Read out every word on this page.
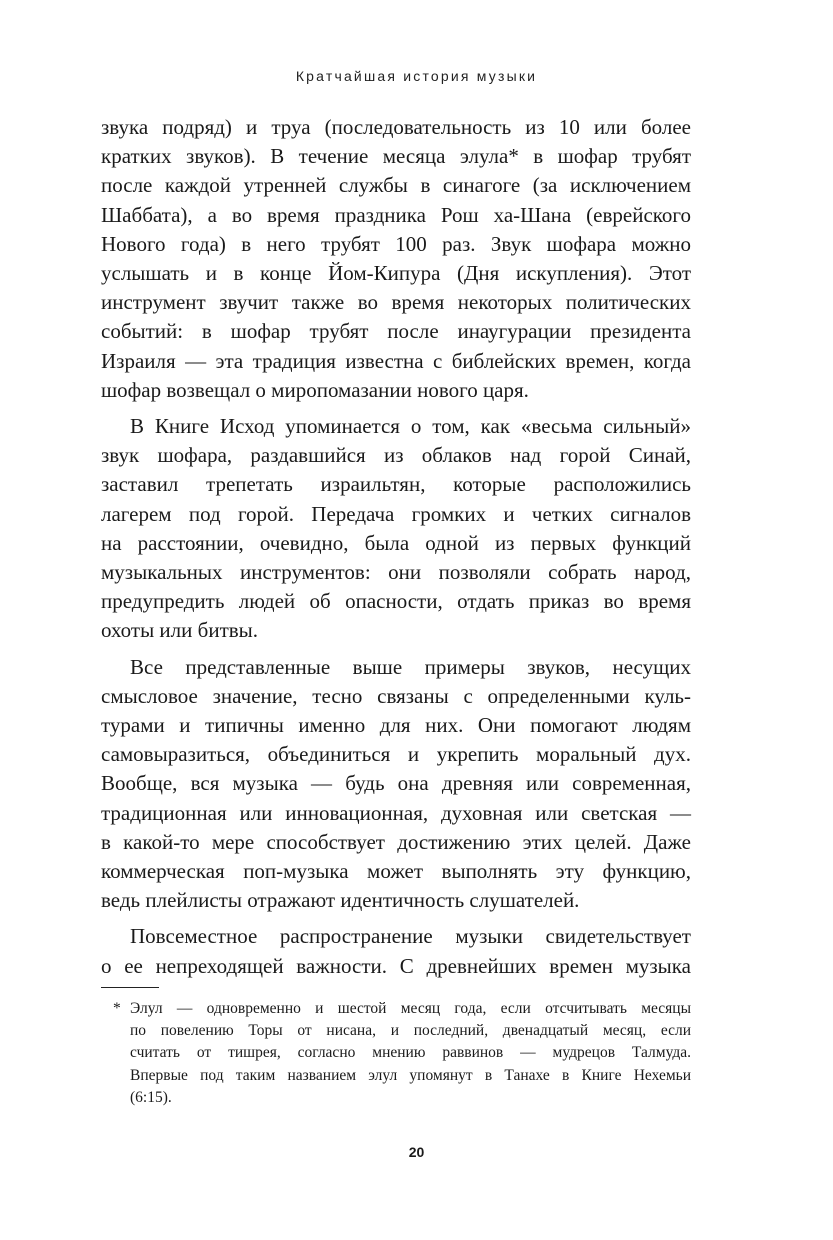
Кратчайшая история музыки

звука подряд) и труа (последовательность из 10 или более

кратких звуков). В течение месяца элула* в шофар трубят

после каждой утренней службы в синагоге (за исключением

Шаббата), а во время праздника Рош ха-Шана (еврейского

Нового года) в него трубят 100 раз. Звук шофара можно

услышать и в конце Йом-Кипура (Дня искупления). Этот

инструмент звучит также во время некоторых политических

событий: в шофар трубят после инаугурации президента

Израиля — эта традиция известна с библейских времен, когда

шофар возвещал о миропомазании нового царя.

В Книге Исход упоминается о том, как «весьма сильный»

звук шофара, раздавшийся из облаков над горой Синай,

заставил трепетать израильтян, которые расположились

лагерем под горой. Передача громких и четких сигналов

на расстоянии, очевидно, была одной из первых функций

музыкальных инструментов: они позволяли собрать народ,

предупредить людей об опасности, отдать приказ во время

охоты или битвы.

Все представленные выше примеры звуков, несущих

смысловое значение, тесно связаны с определенными куль-

турами и типичны именно для них. Они помогают людям

самовыразиться, объединиться и укрепить моральный дух.

Вообще, вся музыка — будь она древняя или современная,

традиционная или инновационная, духовная или светская —

в какой-то мере способствует достижению этих целей. Даже

коммерческая поп-музыка может выполнять эту функцию,

ведь плейлисты отражают идентичность слушателей.

Повсеместное распространение музыки свидетельствует

о ее непреходящей важности. С древнейших времен музыка

* Элул — одновременно и шестой месяц года, если отсчитывать месяцы
по повелению Торы от нисана, и последний, двенадцатый месяц, если
считать от тишрея, согласно мнению раввинов — мудрецов Талмуда.
Впервые под таким названием элул упомянут в Танахе в Книге Нехемьи
(6:15).
20
